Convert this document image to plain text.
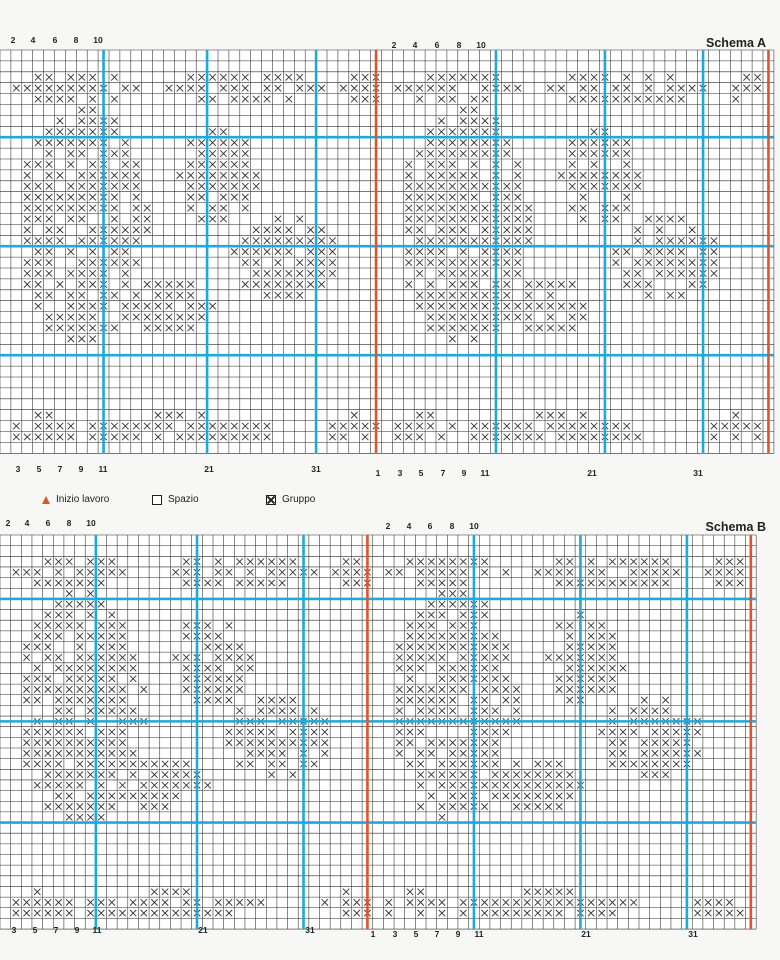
Schema A
2 4 6 8 10	2 4 6 8 10
3 5 7 9 11	21	31	1 3 5 7 9 11	21	31
Inizio lavoro	Spazio	Gruppo
Schema B
2 4 6 8 10	2 4 6 8 10
3 5 7 9 11	21	31	1 3 5 7 9 11	21	31
